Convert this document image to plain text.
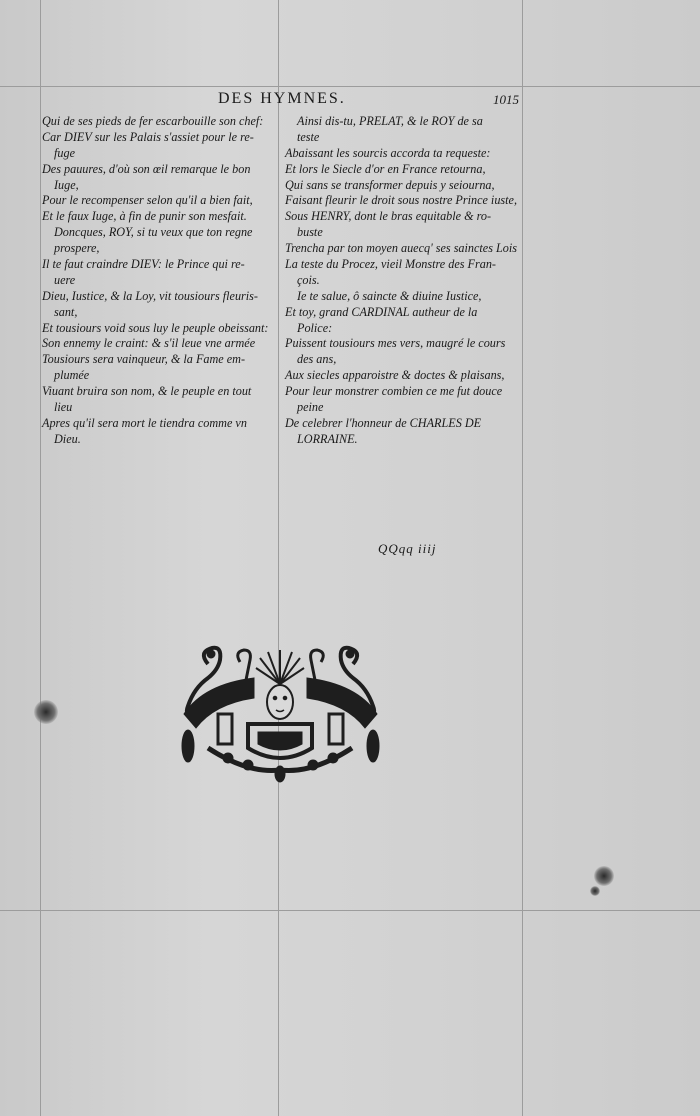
DES HYMNES.	1015
Qui de ses pieds de fer escarbouille son chef:
Car DIEV sur les Palais s'assiet pour le re-
fuge
Des pauures, d'où son œil remarque le bon
Iuge,
Pour le recompenser selon qu'il a bien fait,
Et le faux Iuge, à fin de punir son mesfait.
Doncques, ROY, si tu veux que ton regne
prospere,
Il te faut craindre DIEV: le Prince qui re-
uere
Dieu, Iustice, & la Loy, vit tousiours fleuris-
sant,
Et tousiours void sous luy le peuple obeissant:
Son ennemy le craint: & s'il leue vne armée
Tousiours sera vainqueur, & la Fame em-
plumée
Viuant bruira son nom, & le peuple en tout
lieu
Apres qu'il sera mort le tiendra comme vn
Dieu.
Ainsi dis-tu, PRELAT, & le ROY de sa
teste
Abaissant les sourcis accorda ta requeste:
Et lors le Siecle d'or en France retourna,
Qui sans se transformer depuis y seiourna,
Faisant fleurir le droit sous nostre Prince iuste,
Sous HENRY, dont le bras equitable & ro-
buste
Trencha par ton moyen auecq' ses sainctes Lois
La teste du Procez, vieil Monstre des Fran-
çois.
Ie te salue, ô saincte & diuine Iustice,
Et toy, grand CARDINAL autheur de la
Police:
Puissent tousiours mes vers, maugré le cours
des ans,
Aux siecles apparoistre & doctes & plaisans,
Pour leur monstrer combien ce me fut douce
peine
De celebrer l'honneur de CHARLES DE
LORRAINE.
QQqq iiij
